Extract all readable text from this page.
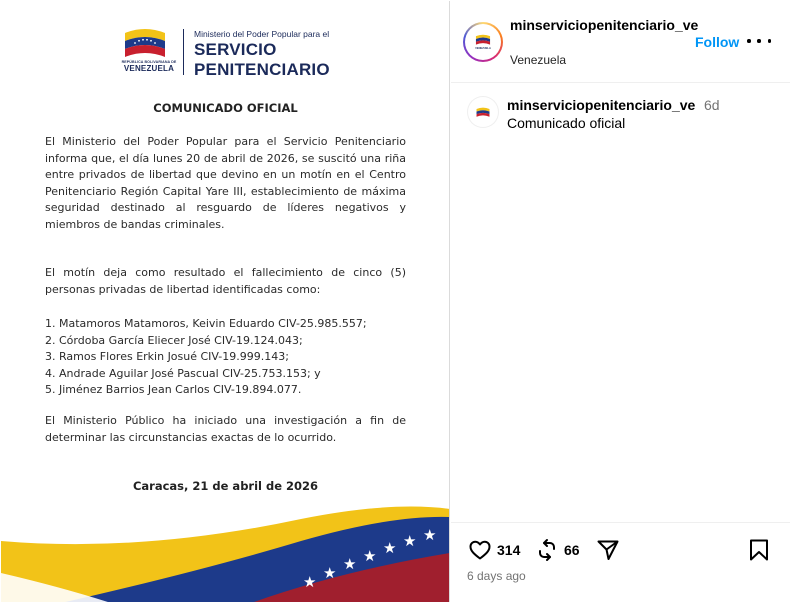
REPÚBLICA BOLIVARIANA DE
VENEZUELA
Ministerio del Poder Popular para el
SERVICIO
PENITENCIARIO
COMUNICADO OFICIAL
El Ministerio del Poder Popular para el Servicio Penitenciario informa que, el día lunes 20 de abril de 2026, se suscitó una riña entre privados de libertad que devino en un motín en el Centro Penitenciario Región Capital Yare III, establecimiento de máxima seguridad destinado al resguardo de líderes negativos y miembros de bandas criminales.
El motín deja como resultado el fallecimiento de cinco (5) personas privadas de libertad identificadas como:
1. Matamoros Matamoros, Keivin Eduardo CIV-25.985.557;
2. Córdoba García Eliecer José CIV-19.124.043;
3. Ramos Flores Erkin Josué CIV-19.999.143;
4. Andrade Aguilar José Pascual CIV-25.753.153; y
5. Jiménez Barrios Jean Carlos CIV-19.894.077.
El Ministerio Público ha iniciado una investigación a fin de determinar las circunstancias exactas de lo ocurrido.
Caracas, 21 de abril de 2026
★ ★ ★ ★ ★ ★ ★
VENEZUELA
minserviciopenitenciario_ve
Venezuela
Follow
minserviciopenitenciario_ve 6d
Comunicado oficial
314	66
6 days ago
